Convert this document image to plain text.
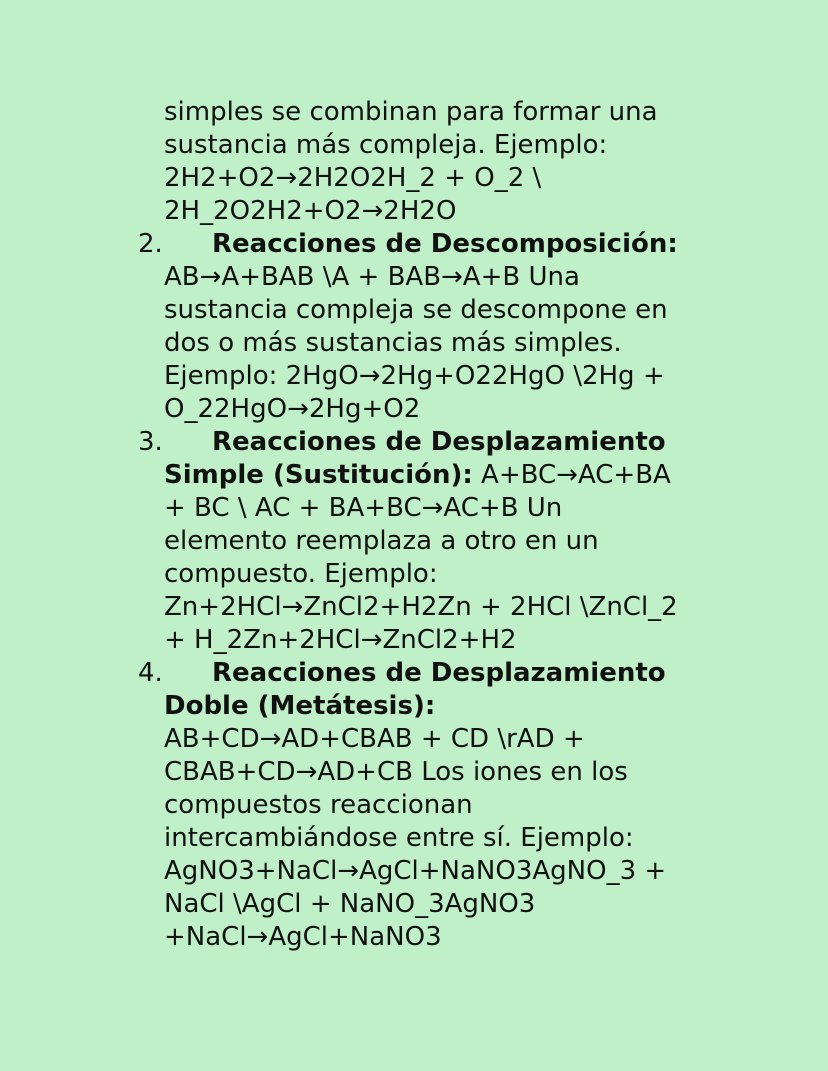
simples se combinan para formar una
sustancia más compleja. Ejemplo:
2H2+O2→2H2O2H_2 + O_2 \
2H_2O2H2+O2→2H2O
2.	Reacciones de Descomposición:
AB→A+BAB \A + BAB→A+B Una
sustancia compleja se descompone en
dos o más sustancias más simples.
Ejemplo: 2HgO→2Hg+O22HgO \2Hg +
O_22HgO→2Hg+O2
3.	Reacciones de Desplazamiento
Simple (Sustitución): A+BC→AC+BA
+ BC \ AC + BA+BC→AC+B Un
elemento reemplaza a otro en un
compuesto. Ejemplo:
Zn+2HCl→ZnCl2+H2Zn + 2HCl \ZnCl_2
+ H_2Zn+2HCl→ZnCl2+H2
4.	Reacciones de Desplazamiento
Doble (Metátesis):
AB+CD→AD+CBAB + CD \rAD +
CBAB+CD→AD+CB Los iones en los
compuestos reaccionan
intercambiándose entre sí. Ejemplo:
AgNO3+NaCl→AgCl+NaNO3AgNO_3 +
NaCl \AgCl + NaNO_3AgNO3
+NaCl→AgCl+NaNO3
